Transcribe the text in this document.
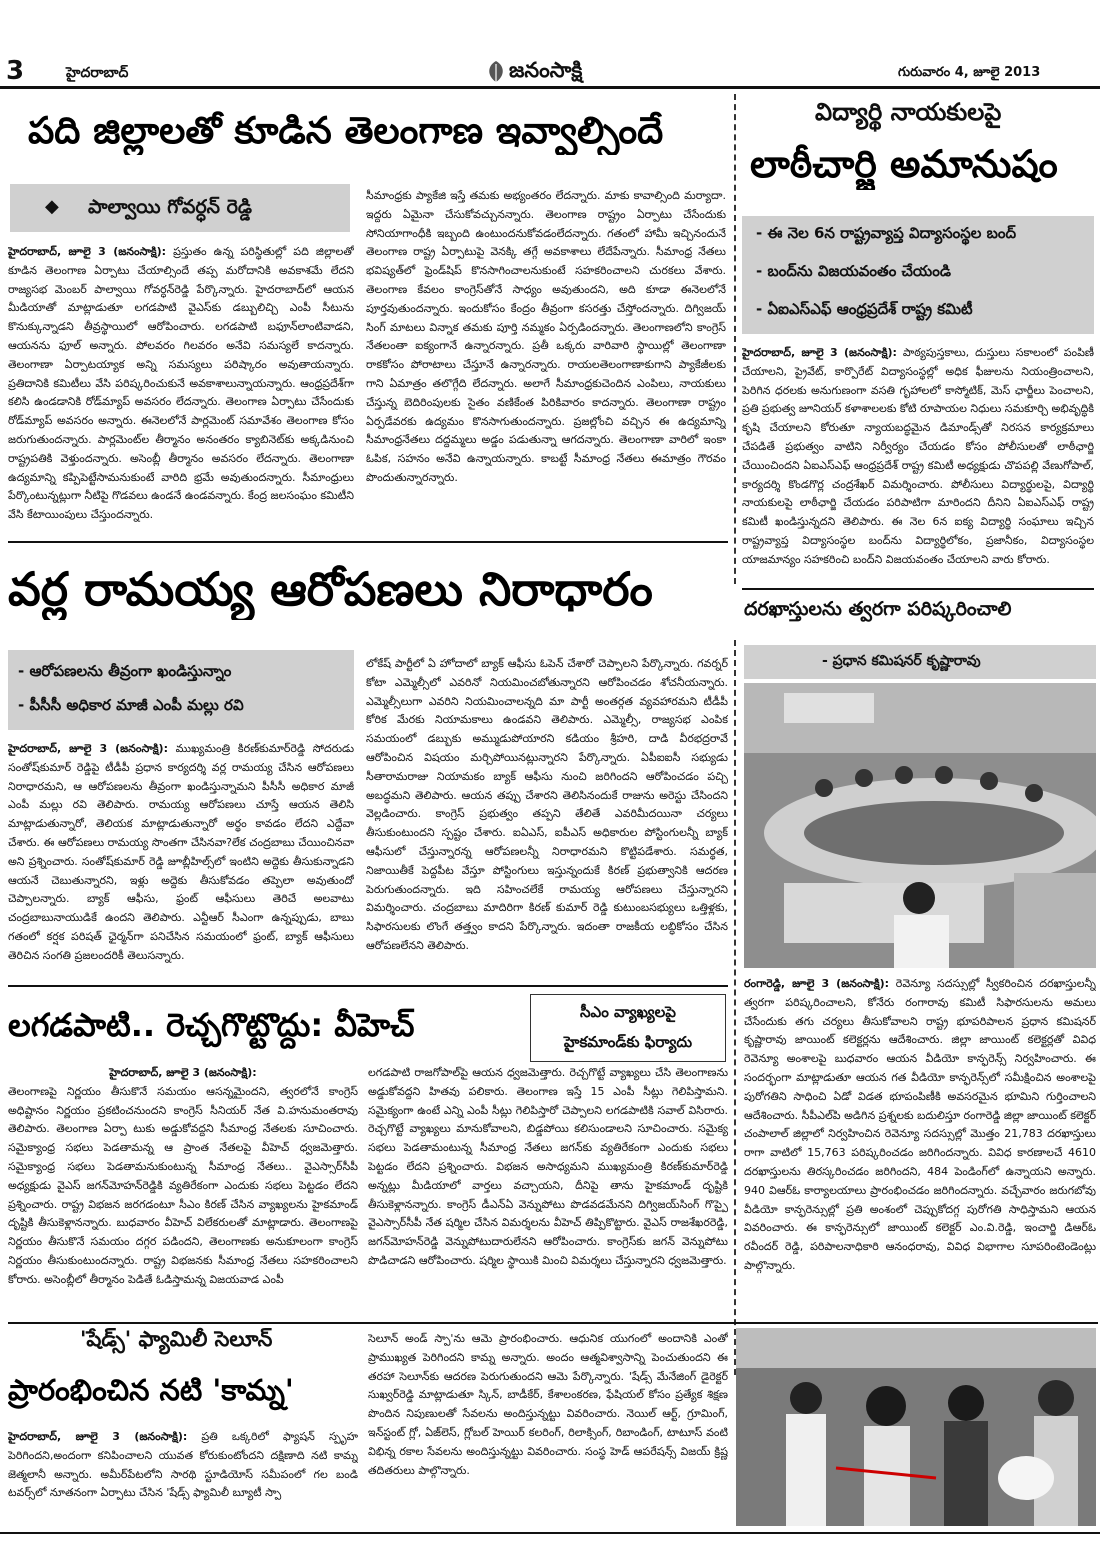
3	హైదరాబాద్	జనంసాక్షి	గురువారం 4, జూలై 2013
పది జిల్లాలతో కూడిన తెలంగాణ ఇవ్వాల్సిందే
◆ పాల్వాయి గోవర్ధన్ రెడ్డి
హైదరాబాద్, జూలై 3 (జనంసాక్షి): ప్రస్తుతం ఉన్న పరిస్థితుల్లో పది జిల్లాలతో కూడిన తెలంగాణ ఏర్పాటు చేయాల్సిందే తప్ప మరోదానికి అవకాశమే లేదని రాజ్యసభ మెంబర్ పాల్వాయి గోవర్ధన్‌రెడ్డి పేర్కొన్నారు. హైదరాబాద్‌లో ఆయన మీడియాతో మాట్లాడుతూ లగడపాటి వైఎస్‌కు డబ్బులిచ్చి ఎంపీ సీటును కొనుక్కున్నాడని తీవ్రస్థాయిలో ఆరోపించారు. లగడపాటి బఫూన్‌లాంటివాడని, ఆయనను ఫూల్ అన్నారు. పోలవరం గిలవరం అనేవి సమస్యలే కాదన్నారు. తెలంగాణా ఏర్పాటయ్యాక అన్ని సమస్యలు పరిష్కారం అవుతాయన్నారు. ప్రతిదానికి కమిటీలు వేసి పరిష్కరించుకునే అవకాశాలున్నాయన్నారు. ఆంధ్రప్రదేశ్‌గా కలిసి ఉండడానికి రోడ్‌మ్యాప్ అవసరం లేదన్నారు. తెలంగాణ ఏర్పాటు చేసేందుకు రోడ్‌మ్యాప్ అవసరం అన్నారు. ఈనెలలోనే పార్లమెంట్ సమావేశం తెలంగాణ కోసం జరుగుతుందన్నారు. పార్లమెంట్‌ల తీర్మానం అనంతరం క్యాబినెట్‌కు అక్కడినుంచి రాష్ట్రపతికి వెళ్తుందన్నారు. అసెంబ్లీ తీర్మానం అవసరం లేదన్నారు. తెలంగాణా ఉద్యమాన్ని కప్పిపెట్టేసామనుకుంటే వారిది భ్రమే అవుతుందన్నారు. సీమాంధ్రులు పేర్కొంటున్నట్లుగా నీటిపై గొడవలు ఉండనే ఉండవన్నారు. కేంద్ర జలసంఘం కమిటీని వేసి కేటాయింపులు చేస్తుందన్నారు.
సీమాంధ్రకు ప్యాకేజి ఇస్తే తమకు అభ్యంతరం లేదన్నారు. మాకు కావాల్సింది మర్యాదా. ఇద్దరు ఏమైనా చేసుకోవచ్చునన్నారు. తెలంగాణ రాష్ట్రం ఏర్పాటు చేసేందుకు సోనియాగాంధీకి ఇబ్బంది ఉంటుందనుకోవడంలేదన్నారు. గతంలో హామీ ఇచ్చినందునే తెలంగాణ రాష్ట్ర ఏర్పాటుపై వెనక్కి తగ్గే అవకాశాలు లేదేపేన్నారు. సీమాంధ్ర నేతలు భవిష్యత్‌లో ఫ్రెండ్‌షిప్ కొనసాగించాలనుకుంటే సహకరించాలని చురకలు వేశారు. తెలంగాణ కేవలం కాంగ్రెస్‌తోనే సాధ్యం అవుతుందని, అది కూడా ఈనెలలోనే పూర్తవుతుందన్నారు. ఇందుకోసం కేంద్రం తీవ్రంగా కసరత్తు చేస్తోందన్నారు. దిగ్విజయ్ సింగ్ మాటలు విన్నాక తమకు పూర్తి నమ్మకం ఏర్పడిందన్నారు. తెలంగాణలోని కాంగ్రెస్ నేతలంతా ఐక్యంగానే ఉన్నారన్నారు. ప్రతీ ఒక్కరు వారివారి స్థాయిల్లో తెలంగాణా రాకకోసం పోరాటాలు చేస్తూనే ఉన్నారన్నారు. రాయలతెలంగాణాకుగాని ప్యాకేజీలకు గాని ఏమాత్రం తలొగ్గేది లేదన్నారు. అలాగే సీమాంధ్రకుచెందిన ఎంపిలు, నాయకులు చేస్తున్న బెదిరింపులకు సైతం వణికేంత పిరికివారం కాదన్నారు. తెలంగాణా రాష్ట్రం ఏర్పడేవరకు ఉద్యమం కొనసాగుతుందన్నారు. ప్రజల్లోంచి వచ్చిన ఈ ఉద్యమాన్ని సీమాంధ్రనేతలు దద్దమ్మలు అడ్డం పడుతున్నా ఆగదన్నారు. తెలంగాణా వారిలో ఇంకా ఓపిక, సహనం అనేవి ఉన్నాయన్నారు. కాబట్టే సీమాంధ్ర నేతలు ఈమాత్రం గౌరవం పొందుతున్నారన్నారు.
విద్యార్థి నాయకులపై
లాఠీచార్జి అమానుషం
- ఈ నెల 6న రాష్ట్రవ్యాప్త విద్యాసంస్థల బంద్
- బంద్‌ను విజయవంతం చేయండి
- ఏఐఎస్‌ఎఫ్ ఆంధ్రప్రదేశ్ రాష్ట్ర కమిటీ
హైదరాబాద్, జూలై 3 (జనంసాక్షి): పాఠ్యపుస్తకాలు, దుస్తులు సకాలంలో పంపిణీ చేయాలని, ప్రైవేట్, కార్పొరేట్ విద్యాసంస్థల్లో అధిక ఫీజులను నియంత్రించాలని, పెరిగిన ధరలకు అనుగుణంగా వసతి గృహాలలో కాస్మోటిక్, మెస్ ఛార్జీలు పెంచాలని, ప్రతి ప్రభుత్వ జూనియర్ కళాశాలలకు కోటి రూపాయల నిధులు సమకూర్చి అభివృద్ధికి కృషి చేయాలని కోరుతూ న్యాయబద్ధమైన డిమాండ్స్‌తో నిరసన కార్యక్రమాలు చేపడితే ప్రభుత్వం వాటిని నిర్వీర్యం చేయడం కోసం పోలీసులతో లాఠీఛార్జి చేయించిందని ఏఐఎస్‌ఎఫ్ ఆంధ్రప్రదేశ్ రాష్ట్ర కమిటీ అధ్యక్షుడు చొపపల్లి వేణుగోపాల్, కార్యదర్శి కొండగొర్ల చంద్రశేఖర్ విమర్శించారు. పోలీసులు విద్యార్థులపై, విద్యార్థి నాయకులపై లాఠీఛార్జి చేయడం పరిపాటిగా మారిందని దీనిని ఏఐఎస్‌ఎఫ్ రాష్ట్ర కమిటీ ఖండిస్తున్నదని తెలిపారు. ఈ నెల 6న ఐక్య విద్యార్థి సంఘాలు ఇచ్చిన రాష్ట్రవ్యాప్త విద్యాసంస్థల బంద్‌ను విద్యార్థిలోకం, ప్రజానీకం, విద్యాసంస్థల యాజమాన్యం సహకరించి బంద్‌ని విజయవంతం చేయాలని వారు కోరారు.
వర్ల రామయ్య ఆరోపణలు నిరాధారం
- ఆరోపణలను తీవ్రంగా ఖండిస్తున్నాం
- పీసీసీ అధికార మాజీ ఎంపీ మల్లు రవి
హైదరాబాద్, జూలై 3 (జనంసాక్షి): ముఖ్యమంత్రి కిరణ్‌కుమార్‌రెడ్డి సోదరుడు సంతోష్‌కుమార్ రెడ్డిపై టీడీపీ ప్రధాన కార్యదర్శి వర్ల రామయ్య చేసిన ఆరోపణలు నిరాధారమని, ఆ ఆరోపణలను తీవ్రంగా ఖండిస్తున్నామని పీసీసీ అధికార మాజీ ఎంపీ మల్లు రవి తెలిపారు. రామయ్య ఆరోపణలు చూస్తే ఆయన తెలిసి మాట్లాడుతున్నారో, తెలియక మాట్లాడుతున్నారో అర్థం కావడం లేదని ఎద్దేవా చేశారు. ఈ ఆరోపణలు రామయ్య సొంతగా చేసినవా?లేక చంద్రబాబు చేయించినవా అని ప్రశ్నించారు. సంతోష్‌కుమార్ రెడ్డి జూబ్లీహిల్స్‌లో ఇంటిని అద్దెకు తీసుకున్నాడని ఆయనే చెబుతున్నారని, ఇళ్లు అద్దెకు తీసుకోవడం తప్పెలా అవుతుందో చెప్పాలన్నారు. బ్యాక్ ఆఫీసు, ఫ్రంట్ ఆఫీసులు తెరిచే అలవాటు చంద్రబాబునాయుడికే ఉందని తెలిపారు. ఎన్టీఆర్ సీఎంగా ఉన్నప్పుడు, బాబు గతంలో కర్షక పరిషత్ ఛైర్మన్‌గా పనిచేసిన సమయంలో ఫ్రంట్, బ్యాక్ ఆఫీసులు తెరిచిన సంగతి ప్రజలందరికీ తెలుసన్నారు.
లోకేష్ పార్టీలో ఏ హోదాలో బ్యాక్ ఆఫీసు ఓపెన్ చేశారో చెప్పాలని పేర్కొన్నారు. గవర్నర్ కోటా ఎమ్మెల్సీలో ఎవరినో నియమించబోతున్నారని ఆరోపించడం శోచనీయన్నారు. ఎమ్మెల్సీలుగా ఎవరిని నియమించాలన్నది మా పార్టీ అంతర్గత వ్యవహారమని టీడీపీ కోరిక మేరకు నియామకాలు ఉండవని తెలిపారు. ఎమ్మెల్సీ, రాజ్యసభ ఎంపిక సమయంలో డబ్బుకు అమ్ముడుపోయారని కడియం శ్రీహరి, దాడి వీరభద్రరావే ఆరోపించిన విషయం మర్చిపోయినట్లున్నారని పేర్కొన్నారు. ఏపీఐఐసీ సభ్యుడు సీతారామరాజు నియామకం బ్యాక్ ఆఫీసు నుంచి జరిగిందని ఆరోపించడం పచ్చి అబద్ధమని తెలిపారు. ఆయన తప్పు చేశారని తెలిసినందుకే రాజును అరెస్టు చేసిందని వెల్లడించారు. కాంగ్రెస్ ప్రభుత్వం తప్పని తేలితే ఎవరిమీదయినా చర్యలు తీసుకుంటుందని స్పష్టం చేశారు. ఐఏఎస్, ఐపీఎస్ అధికారుల పోస్టింగులన్నీ బ్యాక్ ఆఫీసులో చేస్తున్నారన్న ఆరోపణలన్నీ నిరాధారమని కొట్టిపడేశారు. సమర్థత, నిజాయితీకే పెద్దపీట వేస్తూ పోస్టింగులు ఇస్తున్నందుకే కిరణ్ ప్రభుత్వానికి ఆదరణ పెరుగుతుందన్నారు. ఇది సహించలేకే రామయ్య ఆరోపణలు చేస్తున్నారని విమర్శించారు. చంద్రబాబు మాదిరిగా కిరణ్ కుమార్ రెడ్డి కుటుంబసభ్యులు ఒత్తిళ్లకు, సిఫారసులకు లొంగే తత్త్వం కాదని పేర్కొన్నారు. ఇదంతా రాజకీయ లబ్ధికోసం చేసిన ఆరోపణలేనని తెలిపారు.
దరఖాస్తులను త్వరగా పరిష్కరించాలి
- ప్రధాన కమిషనర్ కృష్ణారావు
రంగారెడ్డి, జూలై 3 (జనంసాక్షి): రెవెన్యూ సదస్సుల్లో స్వీకరించిన దరఖాస్తులన్నీ త్వరగా పరిష్కరించాలని, కోనేరు రంగారావు కమిటీ సిఫారసులను అమలు చేసేందుకు తగు చర్యలు తీసుకోవాలని రాష్ట్ర భూపరిపాలన ప్రధాన కమిషనర్ కృష్ణారావు జాయింట్ కలెక్టర్లను ఆదేశించారు. జిల్లా జాయింట్ కలెక్టర్లతో వివిధ రెవెన్యూ అంశాలపై బుధవారం ఆయన వీడియో కాన్ఫరెన్స్ నిర్వహించారు. ఈ సందర్భంగా మాట్లాడుతూ ఆయన గత వీడియో కాన్ఫరెన్స్‌లో సమీక్షించిన అంశాలపై పురోగతిని సాధించి ఏడో విడత భూపంపిణీకి అవసరమైన భూమిని గుర్తించాలని ఆదేశించారు. సీపీఎల్‌పి అడిగిన ప్రశ్నలకు బదులిస్తూ రంగారెడ్డి జిల్లా జాయింట్ కలెక్టర్ చంపాలాల్ జిల్లాలో నిర్వహించిన రెవెన్యూ సదస్సుల్లో మొత్తం 21,783 దరఖాస్తులు రాగా వాటిలో 15,763 పరిష్కరించడం జరిగిందన్నారు. వివిధ కారణాలచే 4610 దరఖాస్తులను తిరస్కరించడం జరిగిందని, 484 పెండింగ్‌లో ఉన్నాయని అన్నారు. 940 విఆర్ఓ కార్యాలయాలు ప్రారంభించడం జరిగిందన్నారు. వచ్చేవారం జరుగబోవు వీడియో కాన్ఫరెన్సుల్లో ప్రతి అంశంలో చెప్పుకోదగ్గ పురోగతి సాధిస్తామని ఆయన వివరించారు. ఈ కాన్ఫరెన్సులో జాయింట్ కలెక్టర్ ఎం.వి.రెడ్డి, ఇంచార్జి డిఆర్‌ఓ రవీందర్ రెడ్డి, పరిపాలనాధికారి ఆనంధరావు, వివిధ విభాగాల సూపరింటెండెంట్లు పాల్గొన్నారు.
లగడపాటి.. రెచ్చగొట్టొద్దు: వీహెచ్	సీఎం వ్యాఖ్యలపై
హైకమాండ్‌కు ఫిర్యాదు
హైదరాబాద్, జూలై 3 (జనంసాక్షి):
తెలంగాణపై నిర్ణయం తీసుకొనే సమయం ఆసన్నమైందని, త్వరలోనే కాంగ్రెస్ అధిష్టానం నిర్ణయం ప్రకటించనుందని కాంగ్రెస్ సీనియర్ నేత వి.హనుమంతరావు తెలిపారు. తెలంగాణ ఏర్పా టుకు అడ్డుకోవద్దని సీమాంధ్ర నేతలకు సూచించారు. సమైక్యాంధ్ర సభలు పెడతామన్న ఆ ప్రాంత నేతలపై వీహెచ్ ధ్వజమెత్తారు. సమైక్యాంధ్ర సభలు పెడతామనుకుంటున్న సీమాంధ్ర నేతలు.. వైఎస్సార్‌సీపీ అధ్యక్షుడు వైఎస్ జగన్‌మోహన్‌రెడ్డికి వ్యతిరేకంగా ఎందుకు సభలు పెట్టడం లేదని ప్రశ్నించారు. రాష్ట్ర విభజన జరగడంటూ సీఎం కిరణ్ చేసిన వ్యాఖ్యలను హైకమాండ్ దృష్టికి తీసుకెళ్లానన్నారు. బుధవారం వీహెచ్ విలేకరులతో మాట్లాడారు. తెలంగాణపై నిర్ణయం తీసుకొనే సమయం దగ్గర పడిందని, తెలంగాణకు అనుకూలంగా కాంగ్రెస్ నిర్ణయం తీసుకుంటుందన్నారు. రాష్ట్ర విభజనకు సీమాంధ్ర నేతలు సహకరించాలని కోరారు. అసెంబ్లీలో తీర్మానం పెడితే ఓడిస్తామన్న విజయవాడ ఎంపీ
లగడపాటి రాజగోపాల్‌పై ఆయన ధ్వజమెత్తారు. రెచ్చగొట్టే వ్యాఖ్యలు చేసి తెలంగాణను అడ్డుకోవద్దని హితవు పలికారు. తెలంగాణ ఇస్తే 15 ఎంపీ సీట్లు గెలిపిస్తామని. సమైక్యంగా ఉంటే ఎన్ని ఎంపీ సీట్లు గెలిపిస్తారో చెప్పాలని లగడపాటికి సవాల్ విసిరారు. రెచ్చగొట్టే వ్యాఖ్యలు మానుకోవాలని, బిడ్డపోయి కలిసుండాలని సూచించారు. సమైక్య సభలు పెడతామంటున్న సీమాంధ్ర నేతలు జగన్‌కు వ్యతిరేకంగా ఎందుకు సభలు పెట్టడం లేదని ప్రశ్నించారు. విభజన అసాధ్యమని ముఖ్యమంత్రి కిరణ్‌కుమార్‌రెడ్డి అన్నట్లు మీడియాలో వార్తలు వచ్చాయని, దీనిపై తాను హైకమాండ్ దృష్టికి తీసుకెళ్లానన్నారు. కాంగ్రెస్ డీఎన్ఏ వెన్నుపోటు పొడవడమేనని దిగ్విజయ్‌సింగ్ గొప్పై వైఎస్సార్‌సీపీ నేత షర్మిల చేసిన విమర్శలను వీహెచ్ తిప్పికొట్టారు. వైఎస్ రాజశేఖరరెడ్డి, జగన్‌మోహన్‌రెడ్డి వెన్నుపోటుదారులేనని ఆరోపించారు. కాంగ్రెస్‌కు జగన్ వెన్నుపోటు పొడిచాడని ఆరోపించారు. షర్మిల స్థాయికి మించి విమర్శలు చేస్తున్నారని ధ్వజమెత్తారు.
'షేడ్స్' ఫ్యామిలీ సెలూన్
ప్రారంభించిన నటి 'కామ్న'
హైదరాబాద్, జూలై 3 (జనంసాక్షి): ప్రతి ఒక్కరిలో ఫ్యాషన్ స్పృహ పెరిగిందని,అందంగా కనిపించాలని యువత కోరుకుంటోందని దక్షిణాది నటి కామ్న జెత్మలానీ అన్నారు. అమీర్‌పేటలోని సారథి స్టూడియోస్ సమీపంలో గల బండి టవర్స్‌లో నూతనంగా ఏర్పాటు చేసిన 'షేడ్స్ ఫ్యామిలీ బ్యూటీ స్పా
సెలూన్ అండ్ స్పా'ను ఆమె ప్రారంభించారు. ఆధునిక యుగంలో అందానికి ఎంతో ప్రాముఖ్యత పెరిగిందని కామ్న అన్నారు. అందం ఆత్మవిశ్వాసాన్ని పెంచుతుందని ఈ తరహా సెలూన్‌కు ఆదరణ పెరుగుతుందని ఆమె పేర్కొన్నారు. 'షేడ్స్ మేనేజింగ్ డైరెక్టర్ సుఖ్వర్‌రెడ్డి మాట్లాడుతూ స్కిన్, బాడీకేర్, కేశాలంకరణ, ఫేషియల్ కోసం ప్రత్యేక శిక్షణ పొందిన నిపుణులతో సేవలను అందిస్తున్నట్టు వివరించారు. నెయిల్ ఆర్ట్, గ్రూమింగ్, ఇన్‌స్టంట్ గ్లో, ఏజ్‌లెస్, గ్లోబల్ హెయిర్ కలరింగ్, రిలాక్సింగ్, రిబాండింగ్, టాటూస్ వంటి విభిన్న రకాల సేవలను అందిస్తున్నట్టు వివరించారు. సంస్థ హెడ్ ఆపరేషన్స్ విజయ్ క్రిష్ణ తదితరులు పాల్గొన్నారు.
